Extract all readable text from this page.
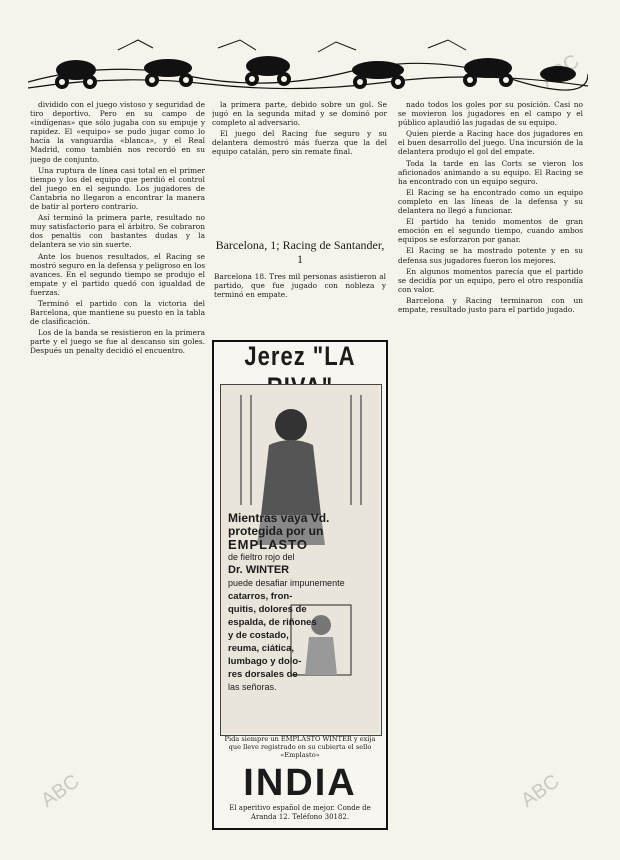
dividido con el juego vistoso y seguridad de tiro deportivo. Pero en su campo de «indígenas» que sólo jugaba con su empuje y rapidez. El «equipo» se pudo jugar como lo hacía la vanguardia «blanca», y el Real Madrid, como también nos recordó en su juego de conjunto.

Una ruptura de línea casi total en el primer tiempo y los del equipo que perdió el control del juego en el segundo. Los jugadores de Cantabria no llegaron a encontrar la manera de batir al portero contrario.

Así terminó la primera parte, resultado no muy satisfactorio para el árbitro. Se cobraron dos penaltis con bastantes dudas y la delantera se vio sin suerte.

Ante los buenos resultados, el Racing se mostró seguro en la defensa y peligroso en los avances. En el segundo tiempo se produjo el empate y el partido quedó con igualdad de fuerzas.

Terminó el partido con la victoria del Barcelona, que mantiene su puesto en la tabla de clasificación.

Los de la banda se resistieron en la primera parte y el juego se fue al descanso sin goles. Después un penalty decidió el encuentro.

la primera parte, debido sobre un gol. Se jugó en la segunda mitad y se dominó por completo al adversario.

El juego del Racing fue seguro y su delantera demostró más fuerza que la del equipo catalán, pero sin remate final.

Barcelona, 1; Racing de Santander, 1
Barcelona 18. Tres mil personas asistieron al partido, que fue jugado con nobleza y terminó en empate.

nado todos los goles por su posición. Casi no se movieron los jugadores en el campo y el público aplaudió las jugadas de su equipo.

Quien pierde a Racing hace dos jugadores en el buen desarrollo del juego. Una incursión de la delantera produjo el gol del empate.

Toda la tarde en las Corts se vieron los aficionados animando a su equipo. El Racing se ha encontrado con un equipo seguro.

El Racing se ha encontrado como un equipo completo en las líneas de la defensa y su delantera no llegó a funcionar.

El partido ha tenido momentos de gran emoción en el segundo tiempo, cuando ambos equipos se esforzaron por ganar.

El Racing se ha mostrado potente y en su defensa sus jugadores fueron los mejores.

En algunos momentos parecía que el partido se decidía por un equipo, pero el otro respondía con valor.

Barcelona y Racing terminaron con un empate, resultado justo para el partido jugado.

Jerez "LA
Mientras vaya Vd.
protegida por un
EMPLASTO
de fieltro rojo del
Dr. WINTER
puede desafiar impunemente
catarros, fron-
quitis, dolores de
espalda, de riñones
y de costado,
reuma, ciática,
lumbago y dolo-
res dorsales de
las señoras.
Pida siempre un EMPLASTO WINTER y exija que lleve registrado en su cubierta el sello «Emplasto»
INDIA
El aperitivo español de mejor. Conde de Aranda 12. Teléfono 30182.
ABC	ABC
ABC
